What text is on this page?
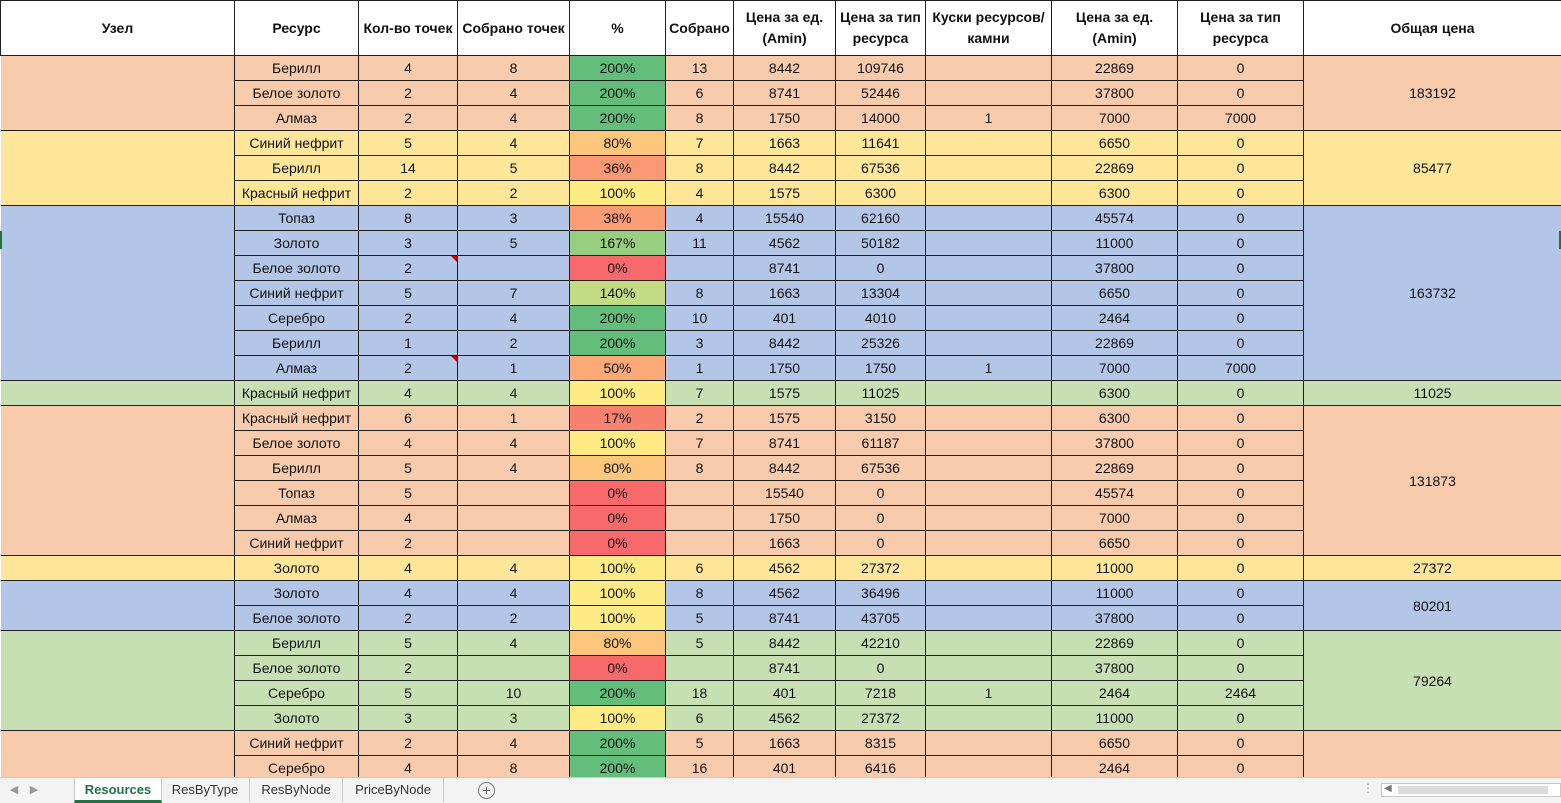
Узел	Ресурс	Кол-во точек	Собрано точек	%	Собрано	Цена за ед. (Amin)	Цена за тип ресурса	Куски ресурсов/камни	Цена за ед. (Amin)	Цена за тип ресурса	Общая цена
	Берилл	4	8	200%	13	8442	109746		22869	0	183192
	Белое золото	2	4	200%	6	8741	52446		37800	0	
	Алмаз	2	4	200%	8	1750	14000	1	7000	7000	
	Синий нефрит	5	4	80%	7	1663	11641		6650	0	85477
	Берилл	14	5	36%	8	8442	67536		22869	0	
	Красный нефрит	2	2	100%	4	1575	6300		6300	0	
	Топаз	8	3	38%	4	15540	62160		45574	0	163732
	Золото	3	5	167%	11	4562	50182		11000	0	
	Белое золото	2		0%		8741	0		37800	0	
	Синий нефрит	5	7	140%	8	1663	13304		6650	0	
	Серебро	2	4	200%	10	401	4010		2464	0	
	Берилл	1	2	200%	3	8442	25326		22869	0	
	Алмаз	2	1	50%	1	1750	1750	1	7000	7000	
	Красный нефрит	4	4	100%	7	1575	11025		6300	0	11025
	Красный нефрит	6	1	17%	2	1575	3150		6300	0	131873
	Белое золото	4	4	100%	7	8741	61187		37800	0	
	Берилл	5	4	80%	8	8442	67536		22869	0	
	Топаз	5		0%		15540	0		45574	0	
	Алмаз	4		0%		1750	0		7000	0	
	Синий нефрит	2		0%		1663	0		6650	0	
	Золото	4	4	100%	6	4562	27372		11000	0	27372
	Золото	4	4	100%	8	4562	36496		11000	0	80201
	Белое золото	2	2	100%	5	8741	43705		37800	0	
	Берилл	5	4	80%	5	8442	42210		22869	0	79264
	Белое золото	2		0%		8741	0		37800	0	
	Серебро	5	10	200%	18	401	7218	1	2464	2464	
	Золото	3	3	100%	6	4562	27372		11000	0	
	Синий нефрит	2	4	200%	5	1663	8315		6650	0	
	Серебро	4	8	200%	16	401	6416		2464	0	
◀	▶	Resources	ResByType	ResByNode	PriceByNode	+	⋮ ◀
